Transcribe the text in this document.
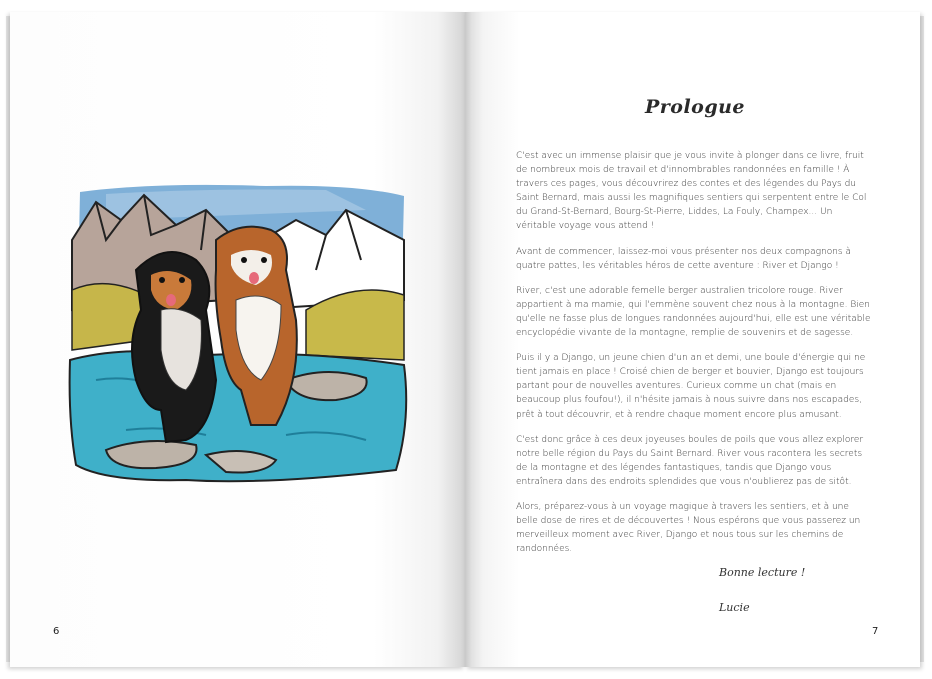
6
Prologue

C'est avec un immense plaisir que je vous invite à plonger dans ce livre, fruit de nombreux mois de travail et d'innombrables randonnées en famille ! À travers ces pages, vous découvrirez des contes et des légendes du Pays du Saint Bernard, mais aussi les magnifiques sentiers qui serpentent entre le Col du Grand-St-Bernard, Bourg-St-Pierre, Liddes, La Fouly, Champex... Un véritable voyage vous attend !

Avant de commencer, laissez-moi vous présenter nos deux compagnons à quatre pattes, les véritables héros de cette aventure : River et Django !

River, c'est une adorable femelle berger australien tricolore rouge. River appartient à ma mamie, qui l'emmène souvent chez nous à la montagne. Bien qu'elle ne fasse plus de longues randonnées aujourd'hui, elle est une véritable encyclopédie vivante de la montagne, remplie de souvenirs et de sagesse.

Puis il y a Django, un jeune chien d'un an et demi, une boule d'énergie qui ne tient jamais en place ! Croisé chien de berger et bouvier, Django est toujours partant pour de nouvelles aventures. Curieux comme un chat (mais en beaucoup plus foufou!), il n'hésite jamais à nous suivre dans nos escapades, prêt à tout découvrir, et à rendre chaque moment encore plus amusant.

C'est donc grâce à ces deux joyeuses boules de poils que vous allez explorer notre belle région du Pays du Saint Bernard. River vous racontera les secrets de la montagne et des légendes fantastiques, tandis que Django vous entraînera dans des endroits splendides que vous n'oublierez pas de sitôt.

Alors, préparez-vous à un voyage magique à travers les sentiers, et à une belle dose de rires et de découvertes ! Nous espérons que vous passerez un merveilleux moment avec River, Django et nous tous sur les chemins de randonnées.

Bonne lecture !
Lucie
7
